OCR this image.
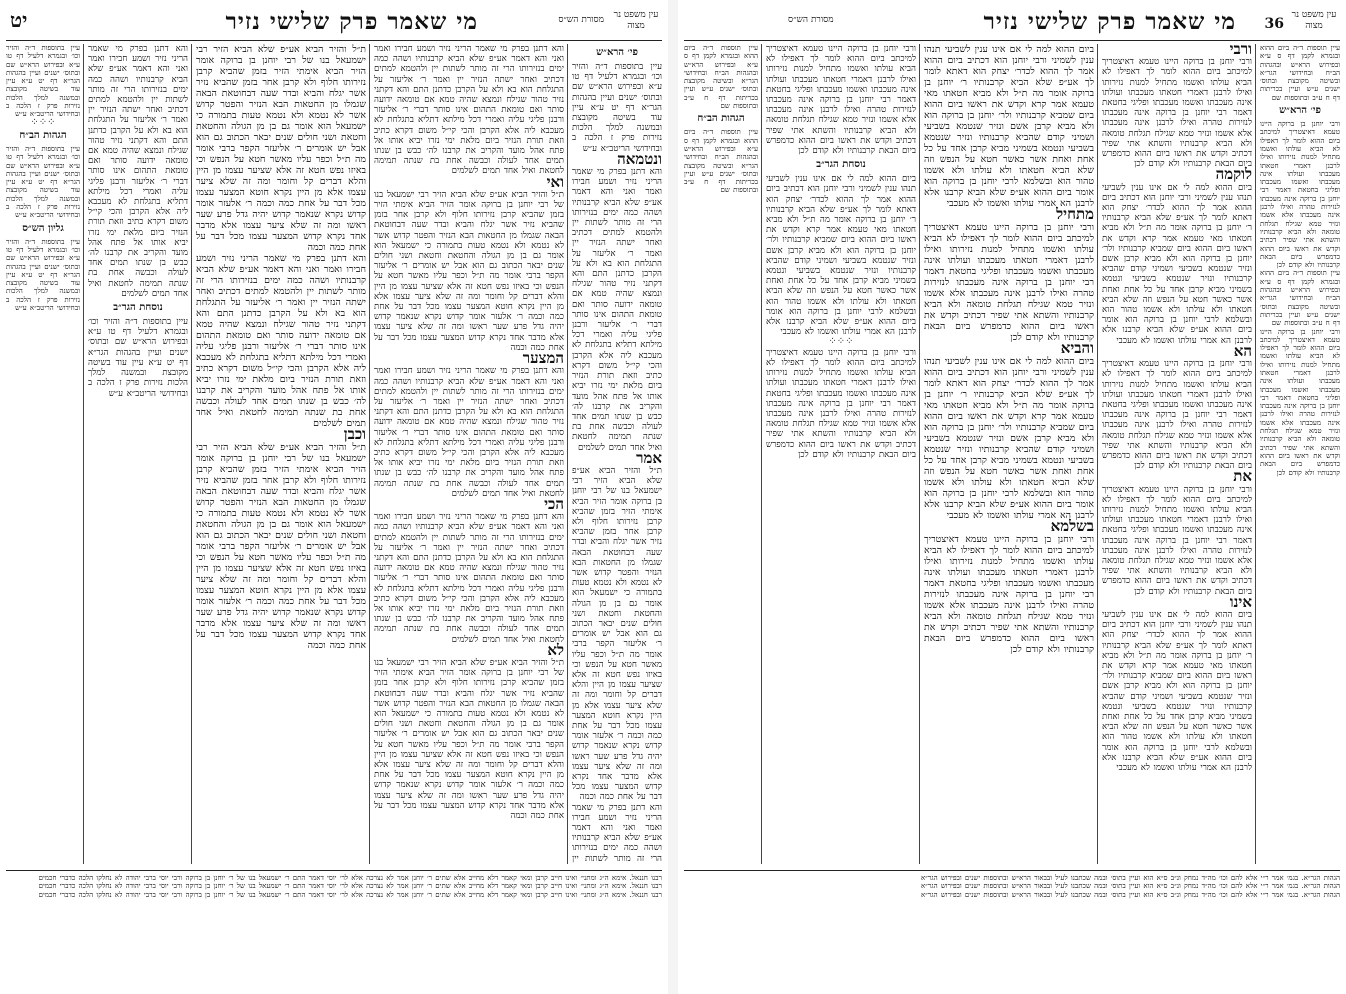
עין משפט נר מצוה
מי שאמר פרק שלישי נזיר
יט	מסורת הש״ס
פי׳ הרא״ש
עיין בתוספות ד״ה והזיר וכו׳ ובגמרא דלעיל דף טו ע״א ובפירוש הרא״ש שם ובתוס׳ ישנים ועיין בהגהות הגר״א דף יט ע״א עיין עוד בשיטה מקובצת ובמשנה למלך הלכות נזירות פרק ז הלכה ב ובחידושי הריטב״א ע״ש
ונטמאה
והא דתנן בפרק מי שאמר הריני נזיר ושמע חבירו ואמר ואני והא דאמר אע״פ שלא הביא קרבנותיו ושהה כמה ימים בנזירותו הרי זה מותר לשתות יין ולהטמא למתים דכתיב ואחר ישתה הנזיר יין ואמר ר׳ אליעזר על התגלחת הוא בא ולא על הקרבן כדתנן התם והא דקתני נזיר טהור שגילח ונמצא שהיה טמא אם טומאה ידועה סותר ואם טומאת התהום אינו סותר דברי ר׳ אליעזר ורבנן פליגי עליה ואמרי דכל מילתא דתליא בתגלחת לא מעכבא ליה אלא הקרבן והכי קי״ל משום דקרא כתיב וזאת תורת הנזיר ביום מלאת ימי נזרו יביא אותו אל פתח אהל מועד והקריב את קרבנו לה׳ כבש בן שנתו תמים אחד לעולה וכבשה אחת בת שנתה תמימה לחטאת ואיל אחד תמים לשלמים
אמר
ת״ל והזיר הביא אע״פ שלא הביא הזיר רבי ישמעאל בנו של רבי יוחנן בן ברוקה אומר הזיר הביא אימתי הזיר בזמן שהביא קרבן נזירותו חלוף ולא קרבן אחר בזמן שהביא נזיר אשר יגלח והביא ובדר שעה דבחוטאת הבאה שגמלו מן החטאות הבא הנזיר והפטר קדוש אשר לא נטמא ולא נטמא טעות בתמורה כי ישמעאל הוא אומר גם בן מן הגולה והחטאת וחטאת ושני חולים שנים יבאר הכתוב גם הוא אבל יש אומרים ר׳ אליעזר הקפר ברבי אומר מה ת״ל וכפר עליו מאשר חטא על הנפש וכי באיזו נפש חטא זה אלא שציער עצמו מן היין והלא דברים קל וחומר ומה זה שלא ציער עצמו אלא מן היין נקרא חוטא המצער עצמו מכל דבר על אחת כמה וכמה ר׳ אלעזר אומר קדוש נקרא שנאמר קדוש יהיה גדל פרע שער ראשו ומה זה שלא ציער עצמו אלא מדבר אחד נקרא קדוש המצער עצמו מכל דבר על אחת כמה וכמה
והא דתנן בפרק מי שאמר הריני נזיר ושמע חבירו ואמר ואני והא דאמר אע״פ שלא הביא קרבנותיו ושהה כמה ימים בנזירותו הרי זה מותר לשתות יין
והא דתנן בפרק מי שאמר הריני נזיר ושמע חבירו ואמר ואני והא דאמר אע״פ שלא הביא קרבנותיו ושהה כמה ימים בנזירותו הרי זה מותר לשתות יין ולהטמא למתים דכתיב ואחר ישתה הנזיר יין ואמר ר׳ אליעזר על התגלחת הוא בא ולא על הקרבן כדתנן התם והא דקתני נזיר טהור שגילח ונמצא שהיה טמא אם טומאה ידועה סותר ואם טומאת התהום אינו סותר דברי ר׳ אליעזר ורבנן פליגי עליה ואמרי דכל מילתא דתליא בתגלחת לא מעכבא ליה אלא הקרבן והכי קי״ל משום דקרא כתיב וזאת תורת הנזיר ביום מלאת ימי נזרו יביא אותו אל פתח אהל מועד והקריב את קרבנו לה׳ כבש בן שנתו תמים אחד לעולה וכבשה אחת בת שנתה תמימה לחטאת ואיל אחד תמים לשלמים
ואי
ת״ל והזיר הביא אע״פ שלא הביא הזיר רבי ישמעאל בנו של רבי יוחנן בן ברוקה אומר הזיר הביא אימתי הזיר בזמן שהביא קרבן נזירותו חלוף ולא קרבן אחר בזמן שהביא נזיר אשר יגלח והביא ובדר שעה דבחוטאת הבאה שגמלו מן החטאות הבא הנזיר והפטר קדוש אשר לא נטמא ולא נטמא טעות בתמורה כי ישמעאל הוא אומר גם בן מן הגולה והחטאת וחטאת ושני חולים שנים יבאר הכתוב גם הוא אבל יש אומרים ר׳ אליעזר הקפר ברבי אומר מה ת״ל וכפר עליו מאשר חטא על הנפש וכי באיזו נפש חטא זה אלא שציער עצמו מן היין והלא דברים קל וחומר ומה זה שלא ציער עצמו אלא מן היין נקרא חוטא המצער עצמו מכל דבר על אחת כמה וכמה ר׳ אלעזר אומר קדוש נקרא שנאמר קדוש יהיה גדל פרע שער ראשו ומה זה שלא ציער עצמו אלא מדבר אחד נקרא קדוש המצער עצמו מכל דבר על אחת כמה וכמה
המצער
והא דתנן בפרק מי שאמר הריני נזיר ושמע חבירו ואמר ואני והא דאמר אע״פ שלא הביא קרבנותיו ושהה כמה ימים בנזירותו הרי זה מותר לשתות יין ולהטמא למתים דכתיב ואחר ישתה הנזיר יין ואמר ר׳ אליעזר על התגלחת הוא בא ולא על הקרבן כדתנן התם והא דקתני נזיר טהור שגילח ונמצא שהיה טמא אם טומאה ידועה סותר ואם טומאת התהום אינו סותר דברי ר׳ אליעזר ורבנן פליגי עליה ואמרי דכל מילתא דתליא בתגלחת לא מעכבא ליה אלא הקרבן והכי קי״ל משום דקרא כתיב וזאת תורת הנזיר ביום מלאת ימי נזרו יביא אותו אל פתח אהל מועד והקריב את קרבנו לה׳ כבש בן שנתו תמים אחד לעולה וכבשה אחת בת שנתה תמימה לחטאת ואיל אחד תמים לשלמים
הכי
והא דתנן בפרק מי שאמר הריני נזיר ושמע חבירו ואמר ואני והא דאמר אע״פ שלא הביא קרבנותיו ושהה כמה ימים בנזירותו הרי זה מותר לשתות יין ולהטמא למתים דכתיב ואחר ישתה הנזיר יין ואמר ר׳ אליעזר על התגלחת הוא בא ולא על הקרבן כדתנן התם והא דקתני נזיר טהור שגילח ונמצא שהיה טמא אם טומאה ידועה סותר ואם טומאת התהום אינו סותר דברי ר׳ אליעזר ורבנן פליגי עליה ואמרי דכל מילתא דתליא בתגלחת לא מעכבא ליה אלא הקרבן והכי קי״ל משום דקרא כתיב וזאת תורת הנזיר ביום מלאת ימי נזרו יביא אותו אל פתח אהל מועד והקריב את קרבנו לה׳ כבש בן שנתו תמים אחד לעולה וכבשה אחת בת שנתה תמימה לחטאת ואיל אחד תמים לשלמים
לא
ת״ל והזיר הביא אע״פ שלא הביא הזיר רבי ישמעאל בנו של רבי יוחנן בן ברוקה אומר הזיר הביא אימתי הזיר בזמן שהביא קרבן נזירותו חלוף ולא קרבן אחר בזמן שהביא נזיר אשר יגלח והביא ובדר שעה דבחוטאת הבאה שגמלו מן החטאות הבא הנזיר והפטר קדוש אשר לא נטמא ולא נטמא טעות בתמורה כי ישמעאל הוא אומר גם בן מן הגולה והחטאת וחטאת ושני חולים שנים יבאר הכתוב גם הוא אבל יש אומרים ר׳ אליעזר הקפר ברבי אומר מה ת״ל וכפר עליו מאשר חטא על הנפש וכי באיזו נפש חטא זה אלא שציער עצמו מן היין והלא דברים קל וחומר ומה זה שלא ציער עצמו אלא מן היין נקרא חוטא המצער עצמו מכל דבר על אחת כמה וכמה ר׳ אלעזר אומר קדוש נקרא שנאמר קדוש יהיה גדל פרע שער ראשו ומה זה שלא ציער עצמו אלא מדבר אחד נקרא קדוש המצער עצמו מכל דבר על אחת כמה וכמה
ת״ל והזיר הביא אע״פ שלא הביא הזיר רבי ישמעאל בנו של רבי יוחנן בן ברוקה אומר הזיר הביא אימתי הזיר בזמן שהביא קרבן נזירותו חלוף ולא קרבן אחר בזמן שהביא נזיר אשר יגלח והביא ובדר שעה דבחוטאת הבאה שגמלו מן החטאות הבא הנזיר והפטר קדוש אשר לא נטמא ולא נטמא טעות בתמורה כי ישמעאל הוא אומר גם בן מן הגולה והחטאת וחטאת ושני חולים שנים יבאר הכתוב גם הוא אבל יש אומרים ר׳ אליעזר הקפר ברבי אומר מה ת״ל וכפר עליו מאשר חטא על הנפש וכי באיזו נפש חטא זה אלא שציער עצמו מן היין והלא דברים קל וחומר ומה זה שלא ציער עצמו אלא מן היין נקרא חוטא המצער עצמו מכל דבר על אחת כמה וכמה ר׳ אלעזר אומר קדוש נקרא שנאמר קדוש יהיה גדל פרע שער ראשו ומה זה שלא ציער עצמו אלא מדבר אחד נקרא קדוש המצער עצמו מכל דבר על אחת כמה וכמה
והא דתנן בפרק מי שאמר הריני נזיר ושמע חבירו ואמר ואני והא דאמר אע״פ שלא הביא קרבנותיו ושהה כמה ימים בנזירותו הרי זה מותר לשתות יין ולהטמא למתים דכתיב ואחר ישתה הנזיר יין ואמר ר׳ אליעזר על התגלחת הוא בא ולא על הקרבן כדתנן התם והא דקתני נזיר טהור שגילח ונמצא שהיה טמא אם טומאה ידועה סותר ואם טומאת התהום אינו סותר דברי ר׳ אליעזר ורבנן פליגי עליה ואמרי דכל מילתא דתליא בתגלחת לא מעכבא ליה אלא הקרבן והכי קי״ל משום דקרא כתיב וזאת תורת הנזיר ביום מלאת ימי נזרו יביא אותו אל פתח אהל מועד והקריב את קרבנו לה׳ כבש בן שנתו תמים אחד לעולה וכבשה אחת בת שנתה תמימה לחטאת ואיל אחד תמים לשלמים
וכבן
ת״ל והזיר הביא אע״פ שלא הביא הזיר רבי ישמעאל בנו של רבי יוחנן בן ברוקה אומר הזיר הביא אימתי הזיר בזמן שהביא קרבן נזירותו חלוף ולא קרבן אחר בזמן שהביא נזיר אשר יגלח והביא ובדר שעה דבחוטאת הבאה שגמלו מן החטאות הבא הנזיר והפטר קדוש אשר לא נטמא ולא נטמא טעות בתמורה כי ישמעאל הוא אומר גם בן מן הגולה והחטאת וחטאת ושני חולים שנים יבאר הכתוב גם הוא אבל יש אומרים ר׳ אליעזר הקפר ברבי אומר מה ת״ל וכפר עליו מאשר חטא על הנפש וכי באיזו נפש חטא זה אלא שציער עצמו מן היין והלא דברים קל וחומר ומה זה שלא ציער עצמו אלא מן היין נקרא חוטא המצער עצמו מכל דבר על אחת כמה וכמה ר׳ אלעזר אומר קדוש נקרא שנאמר קדוש יהיה גדל פרע שער ראשו ומה זה שלא ציער עצמו אלא מדבר אחד נקרא קדוש המצער עצמו מכל דבר על אחת כמה וכמה
והא דתנן בפרק מי שאמר הריני נזיר ושמע חבירו ואמר ואני והא דאמר אע״פ שלא הביא קרבנותיו ושהה כמה ימים בנזירותו הרי זה מותר לשתות יין ולהטמא למתים דכתיב ואחר ישתה הנזיר יין ואמר ר׳ אליעזר על התגלחת הוא בא ולא על הקרבן כדתנן התם והא דקתני נזיר טהור שגילח ונמצא שהיה טמא אם טומאה ידועה סותר ואם טומאת התהום אינו סותר דברי ר׳ אליעזר ורבנן פליגי עליה ואמרי דכל מילתא דתליא בתגלחת לא מעכבא ליה אלא הקרבן והכי קי״ל משום דקרא כתיב וזאת תורת הנזיר ביום מלאת ימי נזרו יביא אותו אל פתח אהל מועד והקריב את קרבנו לה׳ כבש בן שנתו תמים אחד לעולה וכבשה אחת בת שנתה תמימה לחטאת ואיל אחד תמים לשלמים
נוסחת הגר״ב
עיין בתוספות ד״ה והזיר וכו׳ ובגמרא דלעיל דף טו ע״א ובפירוש הרא״ש שם ובתוס׳ ישנים ועיין בהגהות הגר״א דף יט ע״א עיין עוד בשיטה מקובצת ובמשנה למלך הלכות נזירות פרק ז הלכה ב ובחידושי הריטב״א ע״ש
עיין בתוספות ד״ה והזיר וכו׳ ובגמרא דלעיל דף טו ע״א ובפירוש הרא״ש שם ובתוס׳ ישנים ועיין בהגהות הגר״א דף יט ע״א עיין עוד בשיטה מקובצת ובמשנה למלך הלכות נזירות פרק ז הלכה ב ובחידושי הריטב״א ע״ש
⁘⁘⁘
הגהות הב״ח
עיין בתוספות ד״ה והזיר וכו׳ ובגמרא דלעיל דף טו ע״א ובפירוש הרא״ש שם ובתוס׳ ישנים ועיין בהגהות הגר״א דף יט ע״א עיין עוד בשיטה מקובצת ובמשנה למלך הלכות נזירות פרק ז הלכה ב ובחידושי הריטב״א ע״ש
גליון הש״ס
עיין בתוספות ד״ה והזיר וכו׳ ובגמרא דלעיל דף טו ע״א ובפירוש הרא״ש שם ובתוס׳ ישנים ועיין בהגהות הגר״א דף יט ע״א עיין עוד בשיטה מקובצת ובמשנה למלך הלכות נזירות פרק ז הלכה ב ובחידושי הריטב״א ע״ש
רבנו חננאל. אימא ה״ג ומתני׳ ואינו חייב קרבן ומאי קאמר דלא מחייב אלא שתים ר׳ יוחנן אמר לא נצרכה אלא לר׳ יוסי דאמר התם ר׳ ישמעאל בנו של ר׳ יוחנן בן ברוקה ורבי יוסי ברבי יהודה לא נחלקו הלכה כדברי חכמים
רבנו חננאל. אימא ה״ג ומתני׳ ואינו חייב קרבן ומאי קאמר דלא מחייב אלא שתים ר׳ יוחנן אמר לא נצרכה אלא לר׳ יוסי דאמר התם ר׳ ישמעאל בנו של ר׳ יוחנן בן ברוקה ורבי יוסי ברבי יהודה לא נחלקו הלכה כדברי חכמים
רבנו חננאל. אימא ה״ג ומתני׳ ואינו חייב קרבן ומאי קאמר דלא מחייב אלא שתים ר׳ יוחנן אמר לא נצרכה אלא לר׳ יוסי דאמר התם ר׳ ישמעאל בנו של ר׳ יוחנן בן ברוקה ורבי יוסי ברבי יהודה לא נחלקו הלכה כדברי חכמים
עין משפט נר מצוה
36
מי שאמר פרק שלישי נזיר
מסורת הש״ס
עיין תוספות ד״ה ביום ההוא ובגמרא לקמן דף ס ע״א ובפירוש הרא״ש ובהגהות הב״ח ובחידושי הגר״א ובשיטה מקובצת ובתוס׳ ישנים ע״ש ועיין בכריתות דף ח ע״ב ובתוספות שם
פי׳ הרא״ש
ורבי יוחנן בן ברוקה היינו טעמא דאיצטריך למיכתב ביום ההוא לומר לך דאפילו לא הביא עולתו ואשמו מתחיל למנות נזירותו ואילו לרבנן דאמרי חטאתו מעכבתו ועולתו אינה מעכבתו ואשמו מעכבתו ופליגי בחטאת דאמר רבי יוחנן בן ברוקה אינה מעכבתו לנזירות טהרה ואילו לרבנן אינה מעכבתו אלא אשמו ונזיר טמא שגילח תגלחת טומאה ולא הביא קרבנותיו והשתא אתי שפיר דכתיב וקדש את ראשו ביום ההוא כדמפרש ביום הבאת קרבנותיו ולא קודם לכן
עיין תוספות ד״ה ביום ההוא ובגמרא לקמן דף ס ע״א ובפירוש הרא״ש ובהגהות הב״ח ובחידושי הגר״א ובשיטה מקובצת ובתוס׳ ישנים ע״ש ועיין בכריתות דף ח ע״ב ובתוספות שם
ורבי יוחנן בן ברוקה היינו טעמא דאיצטריך למיכתב ביום ההוא לומר לך דאפילו לא הביא עולתו ואשמו מתחיל למנות נזירותו ואילו לרבנן דאמרי חטאתו מעכבתו ועולתו אינה מעכבתו ואשמו מעכבתו ופליגי בחטאת דאמר רבי יוחנן בן ברוקה אינה מעכבתו לנזירות טהרה ואילו לרבנן אינה מעכבתו אלא אשמו ונזיר טמא שגילח תגלחת טומאה ולא הביא קרבנותיו והשתא אתי שפיר דכתיב וקדש את ראשו ביום ההוא כדמפרש ביום הבאת קרבנותיו ולא קודם לכן
ורבי
ורבי יוחנן בן ברוקה היינו טעמא דאיצטריך למיכתב ביום ההוא לומר לך דאפילו לא הביא עולתו ואשמו מתחיל למנות נזירותו ואילו לרבנן דאמרי חטאתו מעכבתו ועולתו אינה מעכבתו ואשמו מעכבתו ופליגי בחטאת דאמר רבי יוחנן בן ברוקה אינה מעכבתו לנזירות טהרה ואילו לרבנן אינה מעכבתו אלא אשמו ונזיר טמא שגילח תגלחת טומאה ולא הביא קרבנותיו והשתא אתי שפיר דכתיב וקדש את ראשו ביום ההוא כדמפרש ביום הבאת קרבנותיו ולא קודם לכן
לוקמה
ביום ההוא למה לי אם אינו ענין לשביעי תנהו ענין לשמיני ורבי יוחנן הוא דכתיב ביום ההוא אמר לך ההוא לכדר׳ יצחק הוא דאתא לומר לך אע״פ שלא הביא קרבנותיו ר׳ יוחנן בן ברוקה אומר מה ת״ל ולא מביא חטאתו מאי טעמא אמר קרא וקדש את ראשו ביום ההוא ביום שמביא קרבנותיו ולר׳ יוחנן בן ברוקה הוא ולא מביא קרבן אשם ונזיר שנטמא בשביעי ושמיני קודם שהביא קרבנותיו ונזיר שנטמא בשביעי ונטמא בשמיני מביא קרבן אחד על כל אחת ואחת אשר כאשר חטא על הנפש וזה שלא הביא חטאתו ולא עולתו ולא אשמו טהור הוא ובשלמא לרבי יוחנן בן ברוקה הוא אומר ביום ההוא אע״פ שלא הביא קרבנו אלא לרבנן הא אמרי עולתו ואשמו לא מעכבי
הא
ורבי יוחנן בן ברוקה היינו טעמא דאיצטריך למיכתב ביום ההוא לומר לך דאפילו לא הביא עולתו ואשמו מתחיל למנות נזירותו ואילו לרבנן דאמרי חטאתו מעכבתו ועולתו אינה מעכבתו ואשמו מעכבתו ופליגי בחטאת דאמר רבי יוחנן בן ברוקה אינה מעכבתו לנזירות טהרה ואילו לרבנן אינה מעכבתו אלא אשמו ונזיר טמא שגילח תגלחת טומאה ולא הביא קרבנותיו והשתא אתי שפיר דכתיב וקדש את ראשו ביום ההוא כדמפרש ביום הבאת קרבנותיו ולא קודם לכן
את
ורבי יוחנן בן ברוקה היינו טעמא דאיצטריך למיכתב ביום ההוא לומר לך דאפילו לא הביא עולתו ואשמו מתחיל למנות נזירותו ואילו לרבנן דאמרי חטאתו מעכבתו ועולתו אינה מעכבתו ואשמו מעכבתו ופליגי בחטאת דאמר רבי יוחנן בן ברוקה אינה מעכבתו לנזירות טהרה ואילו לרבנן אינה מעכבתו אלא אשמו ונזיר טמא שגילח תגלחת טומאה ולא הביא קרבנותיו והשתא אתי שפיר דכתיב וקדש את ראשו ביום ההוא כדמפרש ביום הבאת קרבנותיו ולא קודם לכן
אינו
ביום ההוא למה לי אם אינו ענין לשביעי תנהו ענין לשמיני ורבי יוחנן הוא דכתיב ביום ההוא אמר לך ההוא לכדר׳ יצחק הוא דאתא לומר לך אע״פ שלא הביא קרבנותיו ר׳ יוחנן בן ברוקה אומר מה ת״ל ולא מביא חטאתו מאי טעמא אמר קרא וקדש את ראשו ביום ההוא ביום שמביא קרבנותיו ולר׳ יוחנן בן ברוקה הוא ולא מביא קרבן אשם ונזיר שנטמא בשביעי ושמיני קודם שהביא קרבנותיו ונזיר שנטמא בשביעי ונטמא בשמיני מביא קרבן אחד על כל אחת ואחת אשר כאשר חטא על הנפש וזה שלא הביא חטאתו ולא עולתו ולא אשמו טהור הוא ובשלמא לרבי יוחנן בן ברוקה הוא אומר ביום ההוא אע״פ שלא הביא קרבנו אלא לרבנן הא אמרי עולתו ואשמו לא מעכבי
ביום ההוא למה לי אם אינו ענין לשביעי תנהו ענין לשמיני ורבי יוחנן הוא דכתיב ביום ההוא אמר לך ההוא לכדר׳ יצחק הוא דאתא לומר לך אע״פ שלא הביא קרבנותיו ר׳ יוחנן בן ברוקה אומר מה ת״ל ולא מביא חטאתו מאי טעמא אמר קרא וקדש את ראשו ביום ההוא ביום שמביא קרבנותיו ולר׳ יוחנן בן ברוקה הוא ולא מביא קרבן אשם ונזיר שנטמא בשביעי ושמיני קודם שהביא קרבנותיו ונזיר שנטמא בשביעי ונטמא בשמיני מביא קרבן אחד על כל אחת ואחת אשר כאשר חטא על הנפש וזה שלא הביא חטאתו ולא עולתו ולא אשמו טהור הוא ובשלמא לרבי יוחנן בן ברוקה הוא אומר ביום ההוא אע״פ שלא הביא קרבנו אלא לרבנן הא אמרי עולתו ואשמו לא מעכבי
מתחיל
ורבי יוחנן בן ברוקה היינו טעמא דאיצטריך למיכתב ביום ההוא לומר לך דאפילו לא הביא עולתו ואשמו מתחיל למנות נזירותו ואילו לרבנן דאמרי חטאתו מעכבתו ועולתו אינה מעכבתו ואשמו מעכבתו ופליגי בחטאת דאמר רבי יוחנן בן ברוקה אינה מעכבתו לנזירות טהרה ואילו לרבנן אינה מעכבתו אלא אשמו ונזיר טמא שגילח תגלחת טומאה ולא הביא קרבנותיו והשתא אתי שפיר דכתיב וקדש את ראשו ביום ההוא כדמפרש ביום הבאת קרבנותיו ולא קודם לכן
והביא
ביום ההוא למה לי אם אינו ענין לשביעי תנהו ענין לשמיני ורבי יוחנן הוא דכתיב ביום ההוא אמר לך ההוא לכדר׳ יצחק הוא דאתא לומר לך אע״פ שלא הביא קרבנותיו ר׳ יוחנן בן ברוקה אומר מה ת״ל ולא מביא חטאתו מאי טעמא אמר קרא וקדש את ראשו ביום ההוא ביום שמביא קרבנותיו ולר׳ יוחנן בן ברוקה הוא ולא מביא קרבן אשם ונזיר שנטמא בשביעי ושמיני קודם שהביא קרבנותיו ונזיר שנטמא בשביעי ונטמא בשמיני מביא קרבן אחד על כל אחת ואחת אשר כאשר חטא על הנפש וזה שלא הביא חטאתו ולא עולתו ולא אשמו טהור הוא ובשלמא לרבי יוחנן בן ברוקה הוא אומר ביום ההוא אע״פ שלא הביא קרבנו אלא לרבנן הא אמרי עולתו ואשמו לא מעכבי
בשלמא
ורבי יוחנן בן ברוקה היינו טעמא דאיצטריך למיכתב ביום ההוא לומר לך דאפילו לא הביא עולתו ואשמו מתחיל למנות נזירותו ואילו לרבנן דאמרי חטאתו מעכבתו ועולתו אינה מעכבתו ואשמו מעכבתו ופליגי בחטאת דאמר רבי יוחנן בן ברוקה אינה מעכבתו לנזירות טהרה ואילו לרבנן אינה מעכבתו אלא אשמו ונזיר טמא שגילח תגלחת טומאה ולא הביא קרבנותיו והשתא אתי שפיר דכתיב וקדש את ראשו ביום ההוא כדמפרש ביום הבאת קרבנותיו ולא קודם לכן
ורבי יוחנן בן ברוקה היינו טעמא דאיצטריך למיכתב ביום ההוא לומר לך דאפילו לא הביא עולתו ואשמו מתחיל למנות נזירותו ואילו לרבנן דאמרי חטאתו מעכבתו ועולתו אינה מעכבתו ואשמו מעכבתו ופליגי בחטאת דאמר רבי יוחנן בן ברוקה אינה מעכבתו לנזירות טהרה ואילו לרבנן אינה מעכבתו אלא אשמו ונזיר טמא שגילח תגלחת טומאה ולא הביא קרבנותיו והשתא אתי שפיר דכתיב וקדש את ראשו ביום ההוא כדמפרש ביום הבאת קרבנותיו ולא קודם לכן
נוסחת הגר״ב
ביום ההוא למה לי אם אינו ענין לשביעי תנהו ענין לשמיני ורבי יוחנן הוא דכתיב ביום ההוא אמר לך ההוא לכדר׳ יצחק הוא דאתא לומר לך אע״פ שלא הביא קרבנותיו ר׳ יוחנן בן ברוקה אומר מה ת״ל ולא מביא חטאתו מאי טעמא אמר קרא וקדש את ראשו ביום ההוא ביום שמביא קרבנותיו ולר׳ יוחנן בן ברוקה הוא ולא מביא קרבן אשם ונזיר שנטמא בשביעי ושמיני קודם שהביא קרבנותיו ונזיר שנטמא בשביעי ונטמא בשמיני מביא קרבן אחד על כל אחת ואחת אשר כאשר חטא על הנפש וזה שלא הביא חטאתו ולא עולתו ולא אשמו טהור הוא ובשלמא לרבי יוחנן בן ברוקה הוא אומר ביום ההוא אע״פ שלא הביא קרבנו אלא לרבנן הא אמרי עולתו ואשמו לא מעכבי
⁘⁘⁘
ורבי יוחנן בן ברוקה היינו טעמא דאיצטריך למיכתב ביום ההוא לומר לך דאפילו לא הביא עולתו ואשמו מתחיל למנות נזירותו ואילו לרבנן דאמרי חטאתו מעכבתו ועולתו אינה מעכבתו ואשמו מעכבתו ופליגי בחטאת דאמר רבי יוחנן בן ברוקה אינה מעכבתו לנזירות טהרה ואילו לרבנן אינה מעכבתו אלא אשמו ונזיר טמא שגילח תגלחת טומאה ולא הביא קרבנותיו והשתא אתי שפיר דכתיב וקדש את ראשו ביום ההוא כדמפרש ביום הבאת קרבנותיו ולא קודם לכן
עיין תוספות ד״ה ביום ההוא ובגמרא לקמן דף ס ע״א ובפירוש הרא״ש ובהגהות הב״ח ובחידושי הגר״א ובשיטה מקובצת ובתוס׳ ישנים ע״ש ועיין בכריתות דף ח ע״ב ובתוספות שם
הגהות הב״ח
עיין תוספות ד״ה ביום ההוא ובגמרא לקמן דף ס ע״א ובפירוש הרא״ש ובהגהות הב״ח ובחידושי הגר״א ובשיטה מקובצת ובתוס׳ ישנים ע״ש ועיין בכריתות דף ח ע״ב ובתוספות שם
הגהות הגר״א. בגמ׳ אמר ר״י אלא להם וכו׳ מה״ד נמחק ונ״ב ס״א הוא ועיין בתוס׳ ובמה שכתבנו לעיל ובבאור הרא״ש ובתוספות ישנים ובפירוש הגר״א
הגהות הגר״א. בגמ׳ אמר ר״י אלא להם וכו׳ מה״ד נמחק ונ״ב ס״א הוא ועיין בתוס׳ ובמה שכתבנו לעיל ובבאור הרא״ש ובתוספות ישנים ובפירוש הגר״א
הגהות הגר״א. בגמ׳ אמר ר״י אלא להם וכו׳ מה״ד נמחק ונ״ב ס״א הוא ועיין בתוס׳ ובמה שכתבנו לעיל ובבאור הרא״ש ובתוספות ישנים ובפירוש הגר״א
